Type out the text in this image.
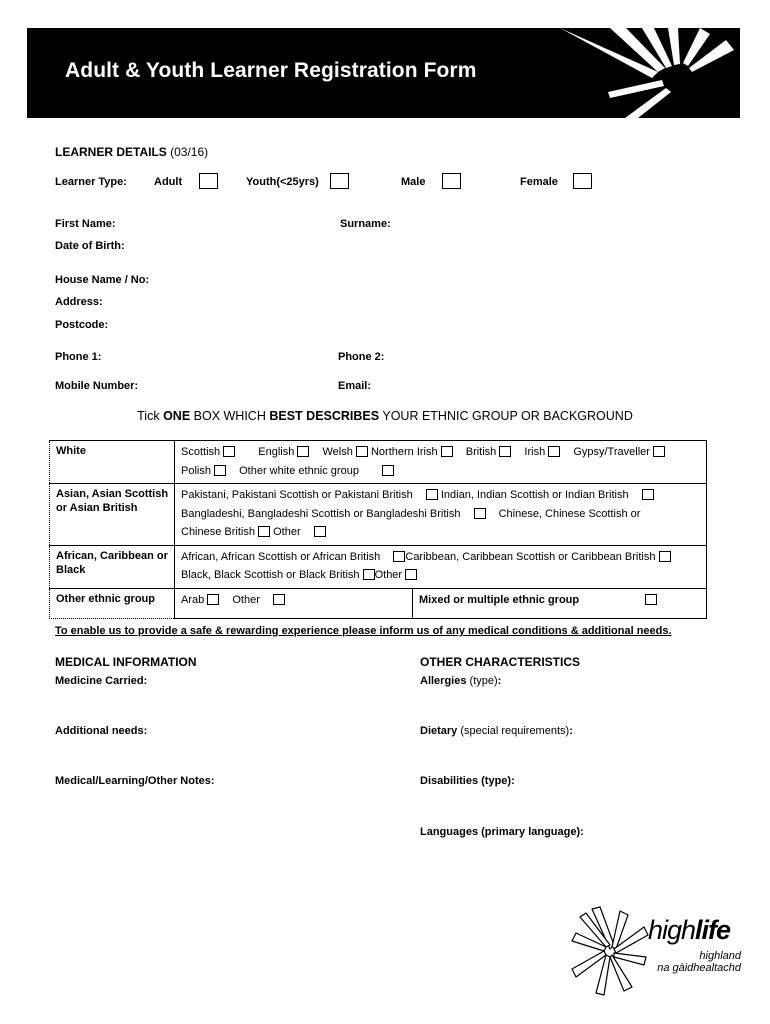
Adult & Youth Learner Registration Form
LEARNER DETAILS (03/16)
Learner Type: Adult	Youth(<25yrs)	Male	Female
First Name:	Surname:
Date of Birth:
House Name / No:
Address:
Postcode:
Phone 1:	Phone 2:
Mobile Number:	Email:
Tick ONE BOX WHICH BEST DESCRIBES YOUR ETHNIC GROUP OR BACKGROUND
White	Scottish English Welsh Northern Irish British Irish Gypsy/Traveller
Polish Other white ethnic group	
Asian, Asian Scottish or Asian British	Pakistani, Pakistani Scottish or Pakistani British Indian, Indian Scottish or Indian British
Bangladeshi, Bangladeshi Scottish or Bangladeshi British Chinese, Chinese Scottish or
Chinese British Other	
African, Caribbean or Black	African, African Scottish or African British Caribbean, Caribbean Scottish or Caribbean British
Black, Black Scottish or Black British Other	
Other ethnic group	Arab Other	Mixed or multiple ethnic group
To enable us to provide a safe & rewarding experience please inform us of any medical conditions & additional needs.
MEDICAL INFORMATION
Medicine Carried:
Additional needs:
Medical/Learning/Other Notes:
OTHER CHARACTERISTICS
Allergies (type):
Dietary (special requirements):
Disabilities (type):
Languages (primary language):
highlife
highland
na gàidhealtachd
